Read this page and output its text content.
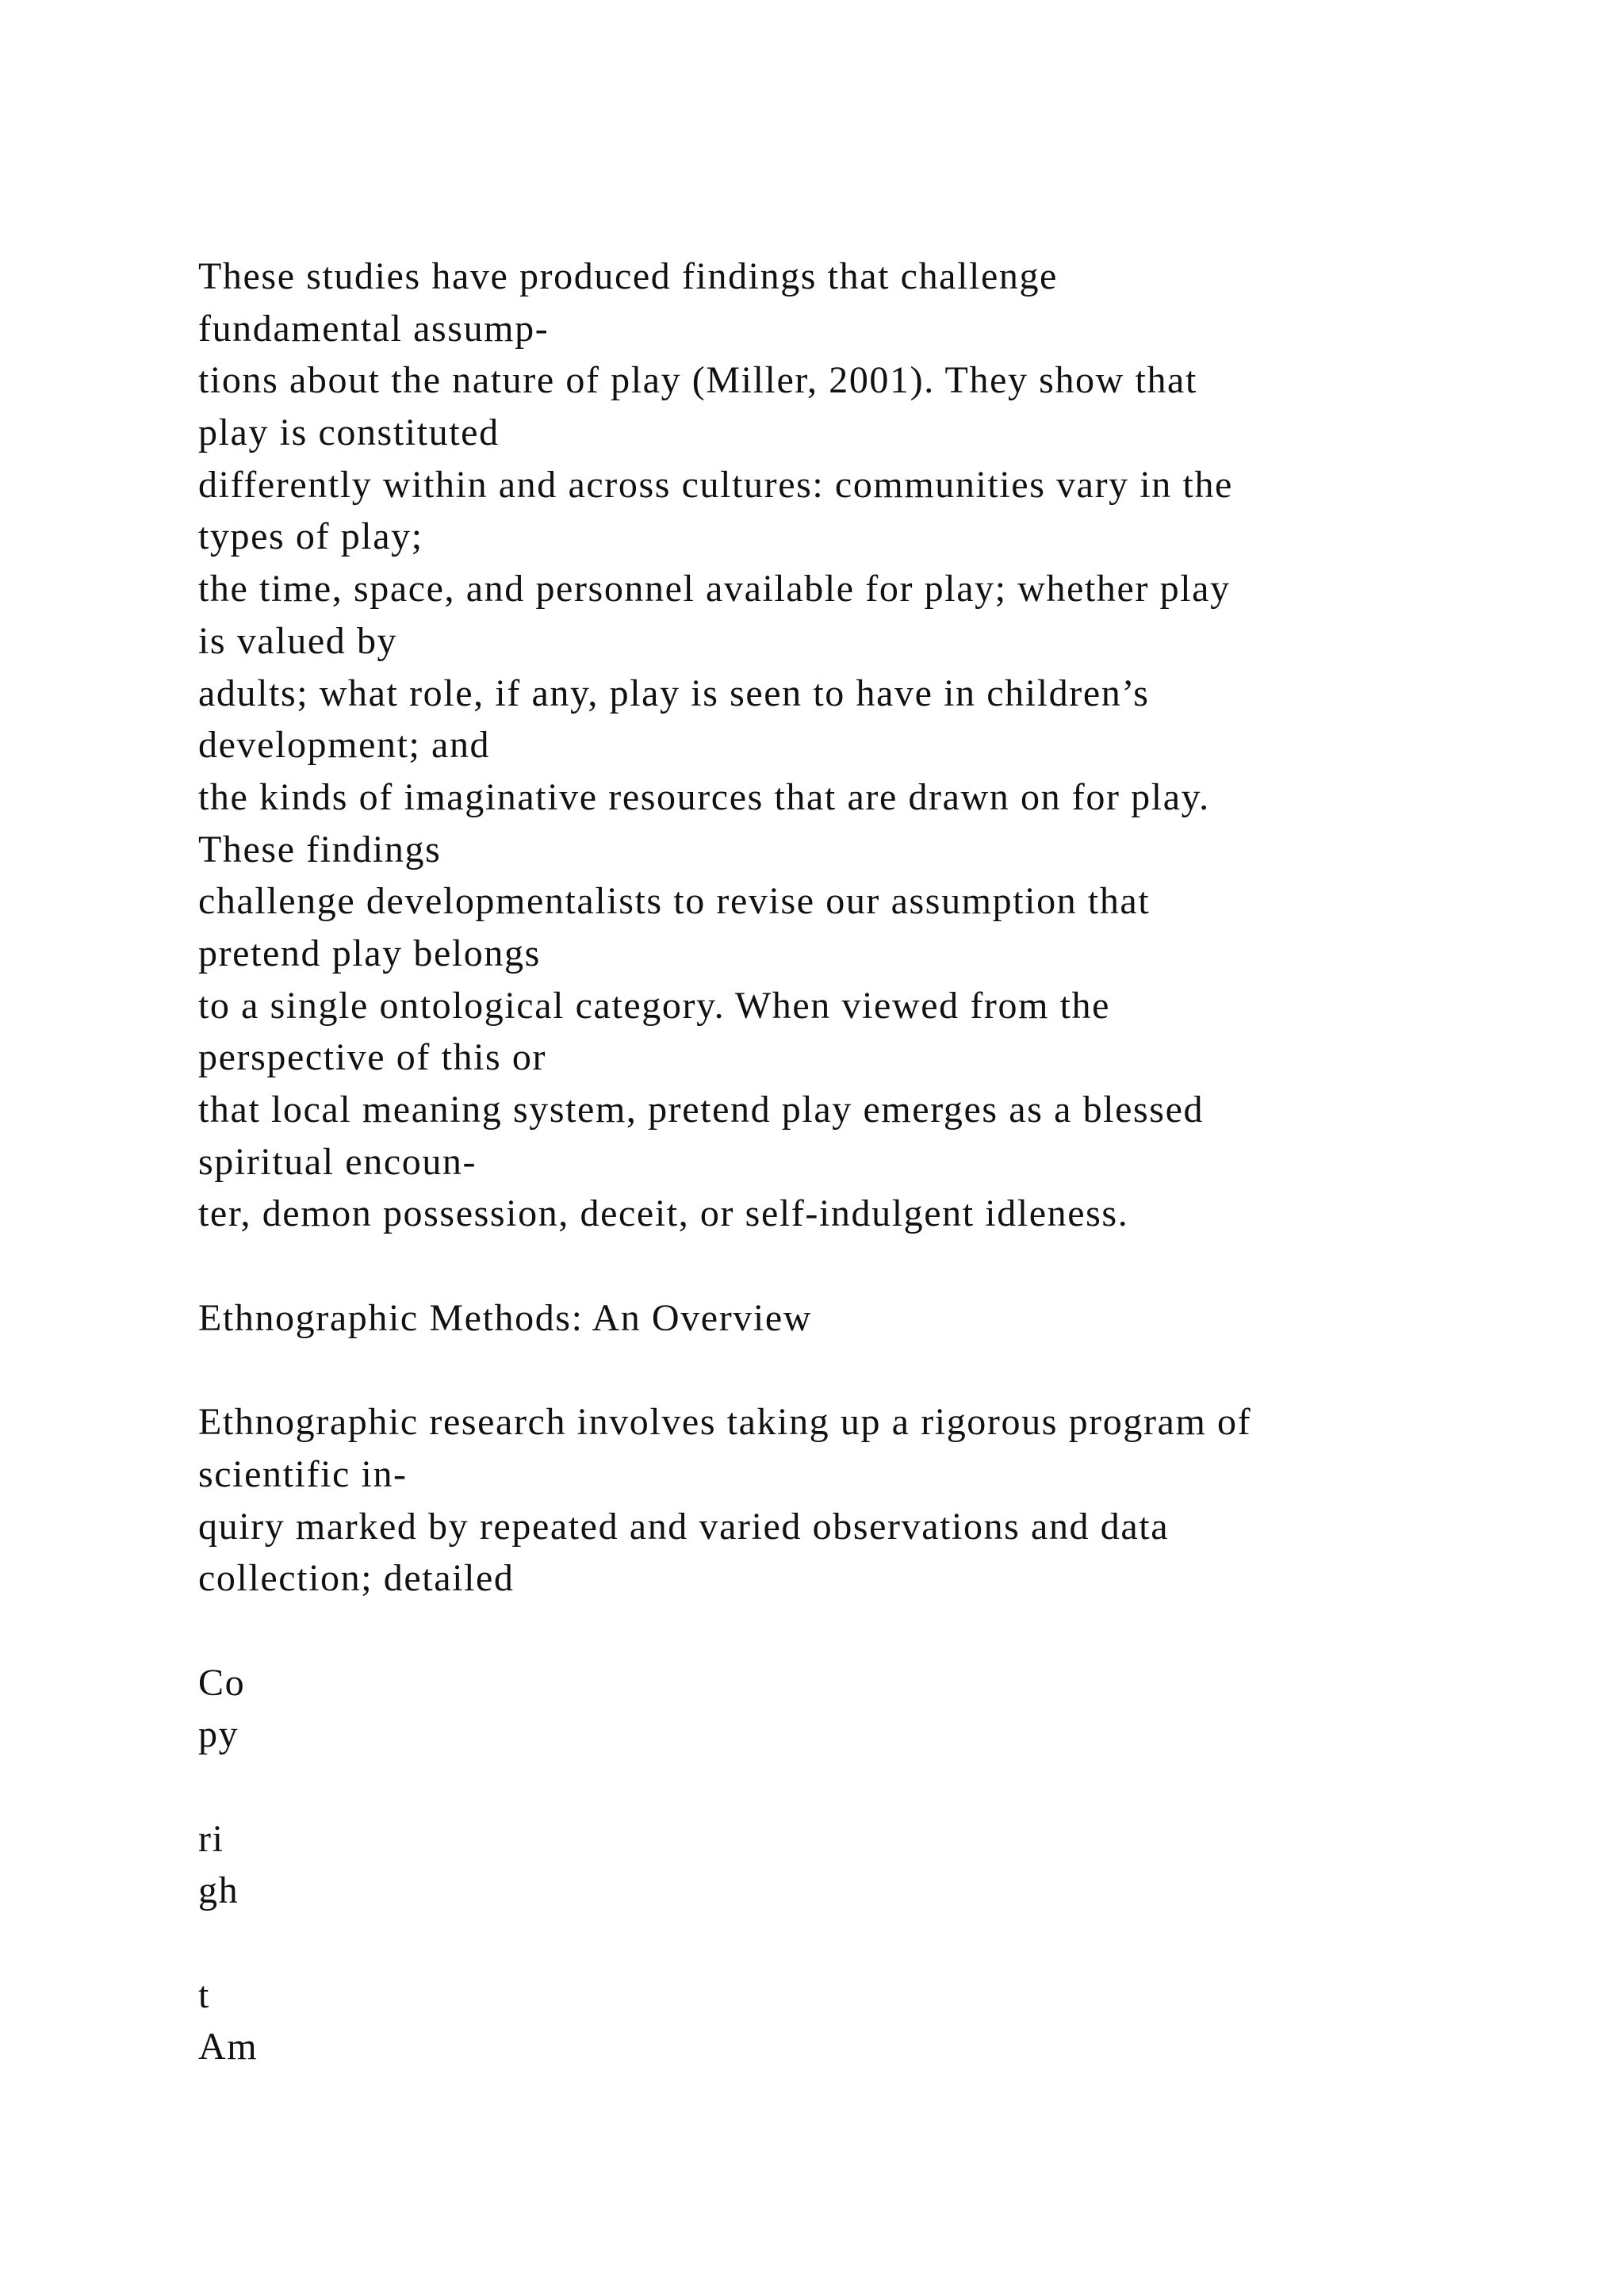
These studies have produced findings that challenge
fundamental assump-
tions about the nature of play (Miller, 2001). They show that
play is constituted
differently within and across cultures: communities vary in the
types of play;
the time, space, and personnel available for play; whether play
is valued by
adults; what role, if any, play is seen to have in children’s
development; and
the kinds of imaginative resources that are drawn on for play.
These findings
challenge developmentalists to revise our assumption that
pretend play belongs
to a single ontological category. When viewed from the
perspective of this or
that local meaning system, pretend play emerges as a blessed
spiritual encoun-
ter, demon possession, deceit, or self-indulgent idleness.
Ethnographic Methods: An Overview
Ethnographic research involves taking up a rigorous program of
scientific in-
quiry marked by repeated and varied observations and data
collection; detailed
Co
py
ri
gh
t
Am
